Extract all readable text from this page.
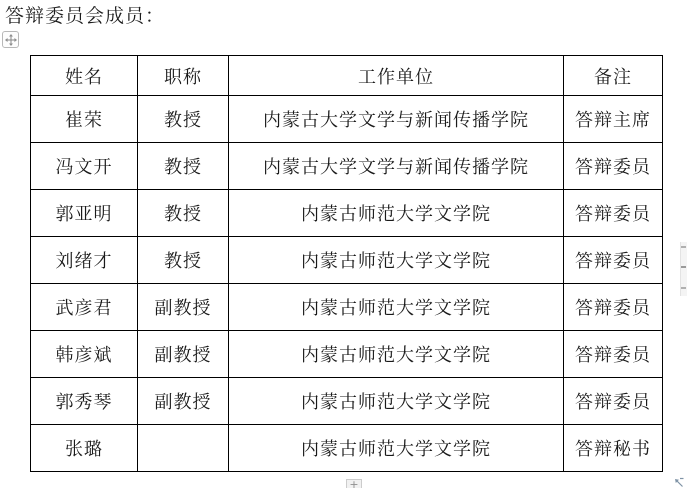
答辩委员会成员：
姓名	职称	工作单位	备注
崔荣	教授	内蒙古大学文学与新闻传播学院	答辩主席
冯文开	教授	内蒙古大学文学与新闻传播学院	答辩委员
郭亚明	教授	内蒙古师范大学文学院	答辩委员
刘绪才	教授	内蒙古师范大学文学院	答辩委员
武彦君	副教授	内蒙古师范大学文学院	答辩委员
韩彦斌	副教授	内蒙古师范大学文学院	答辩委员
郭秀琴	副教授	内蒙古师范大学文学院	答辩委员
张璐		内蒙古师范大学文学院	答辩秘书
+
